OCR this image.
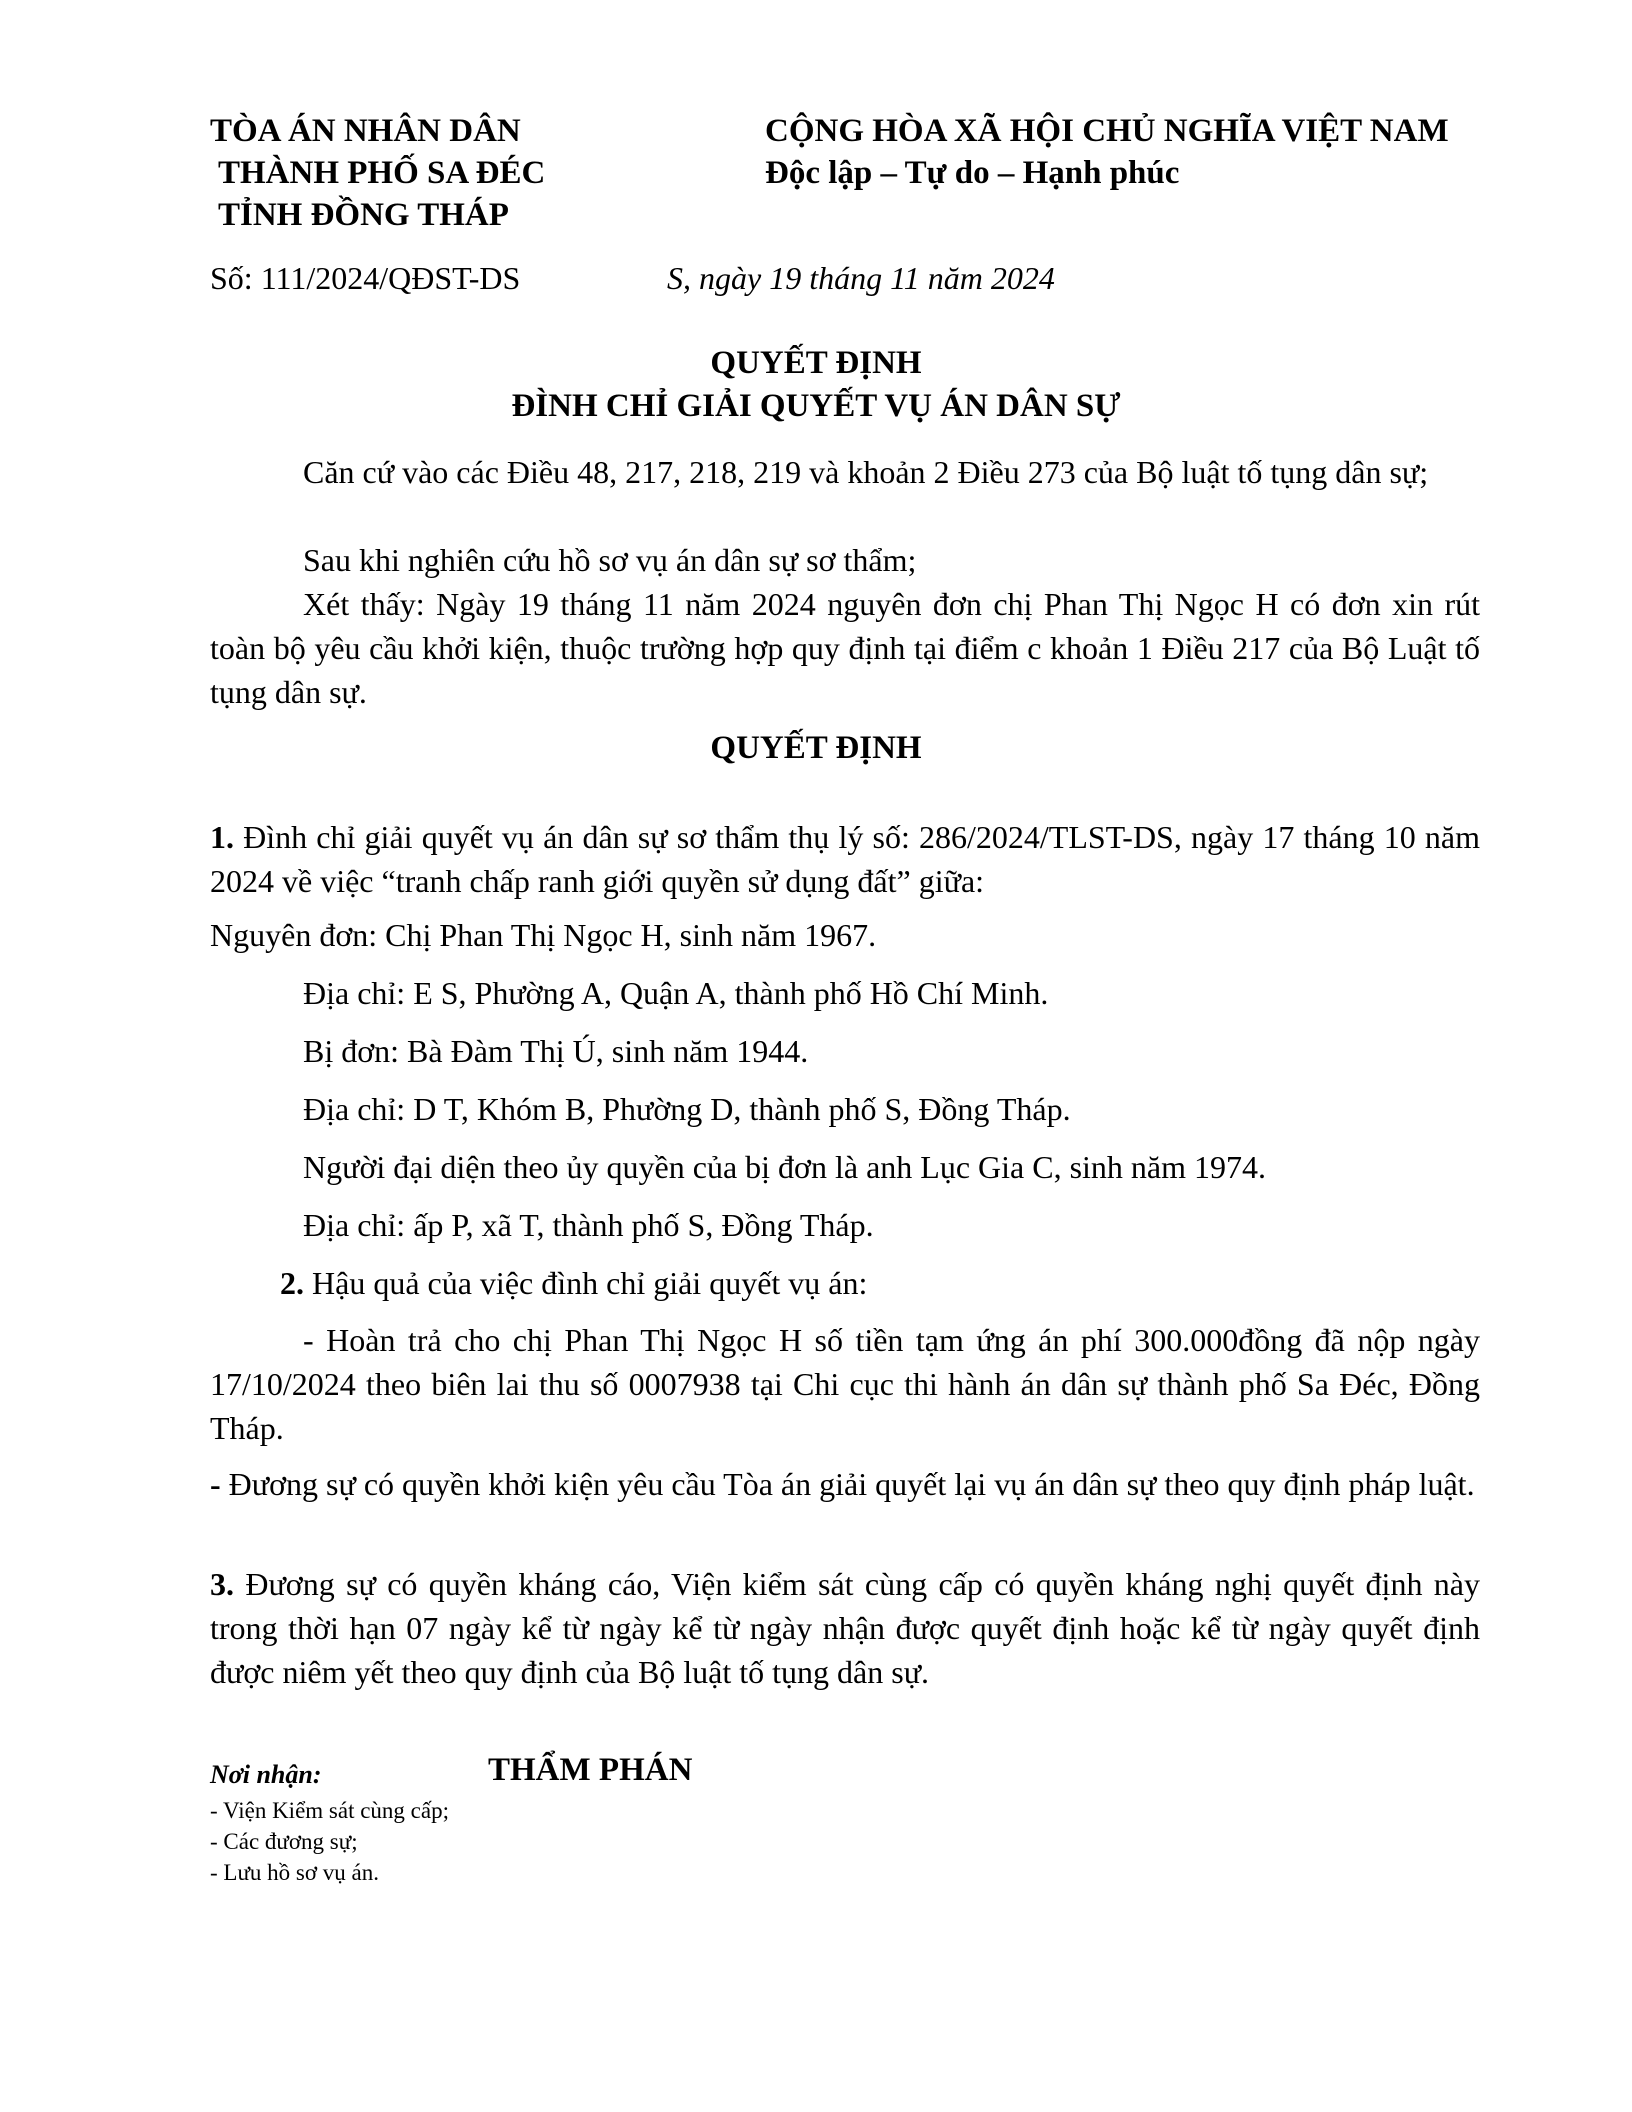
TÒA ÁN NHÂN DÂN
THÀNH PHỐ SA ĐÉC
TỈNH ĐỒNG THÁP
CỘNG HÒA XÃ HỘI CHỦ NGHĨA VIỆT NAM
Độc lập – Tự do – Hạnh phúc

Số: 111/2024/QĐST-DS	S, ngày 19 tháng 11 năm 2024

QUYẾT ĐỊNH

ĐÌNH CHỈ GIẢI QUYẾT VỤ ÁN DÂN SỰ

Căn cứ vào các Điều 48, 217, 218, 219 và khoản 2 Điều 273 của Bộ luật tố tụng dân sự;

Sau khi nghiên cứu hồ sơ vụ án dân sự sơ thẩm;

Xét thấy: Ngày 19 tháng 11 năm 2024 nguyên đơn chị Phan Thị Ngọc H có đơn xin rút toàn bộ yêu cầu khởi kiện, thuộc trường hợp quy định tại điểm c khoản 1 Điều 217 của Bộ Luật tố tụng dân sự.

QUYẾT ĐỊNH

1. Đình chỉ giải quyết vụ án dân sự sơ thẩm thụ lý số: 286/2024/TLST-DS, ngày 17 tháng 10 năm 2024 về việc “tranh chấp ranh giới quyền sử dụng đất” giữa:

Nguyên đơn: Chị Phan Thị Ngọc H, sinh năm 1967.

Địa chỉ: E S, Phường A, Quận A, thành phố Hồ Chí Minh.

Bị đơn: Bà Đàm Thị Ú, sinh năm 1944.

Địa chỉ: D T, Khóm B, Phường D, thành phố S, Đồng Tháp.

Người đại diện theo ủy quyền của bị đơn là anh Lục Gia C, sinh năm 1974.

Địa chỉ: ấp P, xã T, thành phố S, Đồng Tháp.

2. Hậu quả của việc đình chỉ giải quyết vụ án:

- Hoàn trả cho chị Phan Thị Ngọc H số tiền tạm ứng án phí 300.000đồng đã nộp ngày 17/10/2024 theo biên lai thu số 0007938 tại Chi cục thi hành án dân sự thành phố Sa Đéc, Đồng Tháp.

- Đương sự có quyền khởi kiện yêu cầu Tòa án giải quyết lại vụ án dân sự theo quy định pháp luật.

3. Đương sự có quyền kháng cáo, Viện kiểm sát cùng cấp có quyền kháng nghị quyết định này trong thời hạn 07 ngày kể từ ngày kể từ ngày nhận được quyết định hoặc kể từ ngày quyết định được niêm yết theo quy định của Bộ luật tố tụng dân sự.

Nơi nhận:	THẨM PHÁN

- Viện Kiểm sát cùng cấp;
- Các đương sự;
- Lưu hồ sơ vụ án.
